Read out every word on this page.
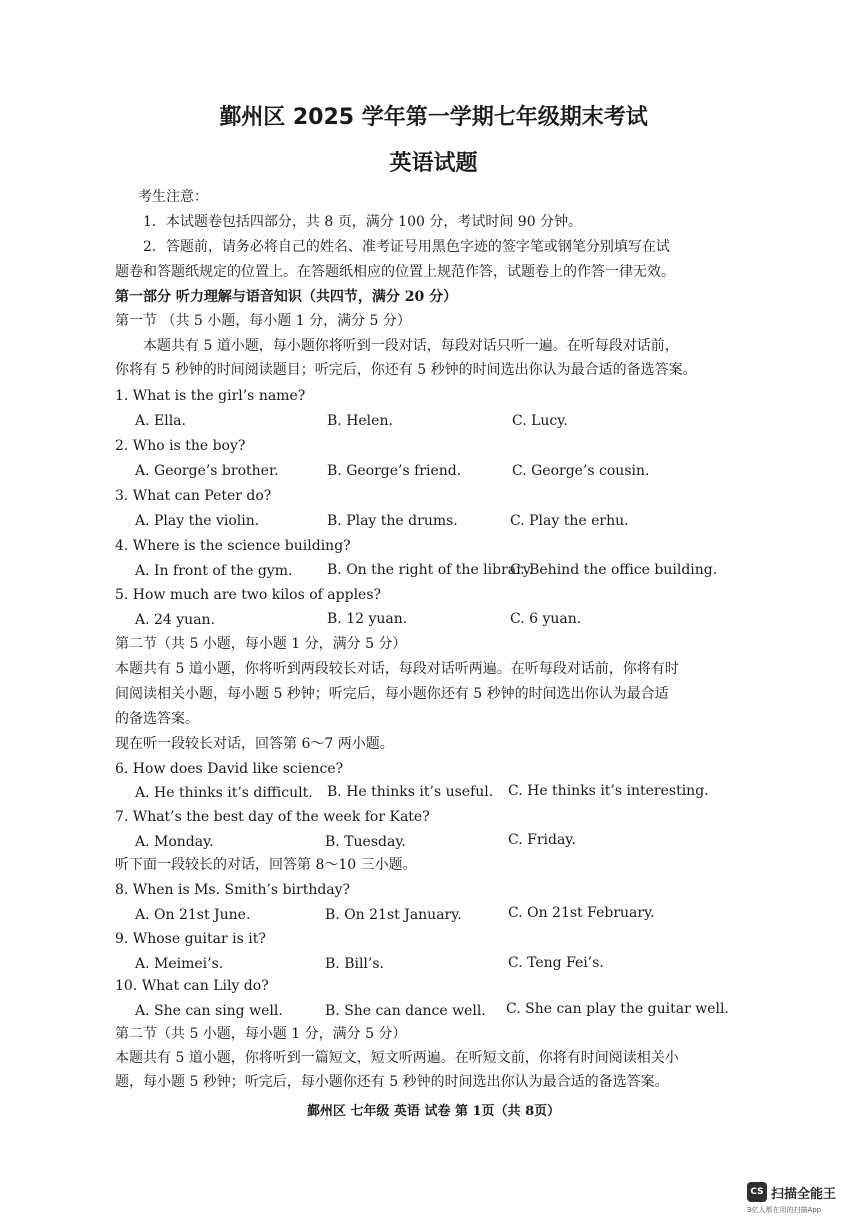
鄞州区 2025 学年第一学期七年级期末考试
英语试题
考生注意：
1．本试题卷包括四部分，共 8 页，满分 100 分，考试时间 90 分钟。
2．答题前，请务必将自己的姓名、准考证号用黑色字迹的签字笔或钢笔分别填写在试
题卷和答题纸规定的位置上。在答题纸相应的位置上规范作答，试题卷上的作答一律无效。
第一部分 听力理解与语音知识（共四节，满分 20 分）
第一节 （共 5 小题，每小题 1 分，满分 5 分）
本题共有 5 道小题，每小题你将听到一段对话，每段对话只听一遍。在听每段对话前，
你将有 5 秒钟的时间阅读题目；听完后，你还有 5 秒钟的时间选出你认为最合适的备选答案。
1. What is the girl’s name?
A. Ella.	B. Helen.	C. Lucy.
2. Who is the boy?
A. George’s brother.	B. George’s friend.	C. George’s cousin.
3. What can Peter do?
A. Play the violin.	B. Play the drums.	C. Play the erhu.
4. Where is the science building?
A. In front of the gym. B. On the right of the library.
C. Behind the office building.
5. How much are two kilos of apples?
A. 24 yuan.	B. 12 yuan.	C. 6 yuan.
第二节（共 5 小题，每小题 1 分，满分 5 分）
本题共有 5 道小题，你将听到两段较长对话，每段对话听两遍。在听每段对话前，你将有时
间阅读相关小题，每小题 5 秒钟；听完后，每小题你还有 5 秒钟的时间选出你认为最合适
的备选答案。
现在听一段较长对话，回答第 6～7 两小题。
6. How does David like science?
A. He thinks it’s difficult. B. He thinks it’s useful. C. He thinks it’s interesting.
7. What’s the best day of the week for Kate?
A. Monday.	B. Tuesday.	C. Friday.
听下面一段较长的对话，回答第 8～10 三小题。
8. When is Ms. Smith’s birthday?
A. On 21st June.	B. On 21st January.	C. On 21st February.
9. Whose guitar is it?
A. Meimei’s.	B. Bill’s.	C. Teng Fei’s.
10. What can Lily do?
A. She can sing well.	B. She can dance well. C. She can play the guitar well.
第二节（共 5 小题，每小题 1 分，满分 5 分）
本题共有 5 道小题，你将听到一篇短文，短文听两遍。在听短文前，你将有时间阅读相关小
题，每小题 5 秒钟；听完后，每小题你还有 5 秒钟的时间选出你认为最合适的备选答案。
鄞州区 七年级 英语 试卷 第 1页（共 8页）
CS 扫描全能王
3亿人都在用的扫描App
